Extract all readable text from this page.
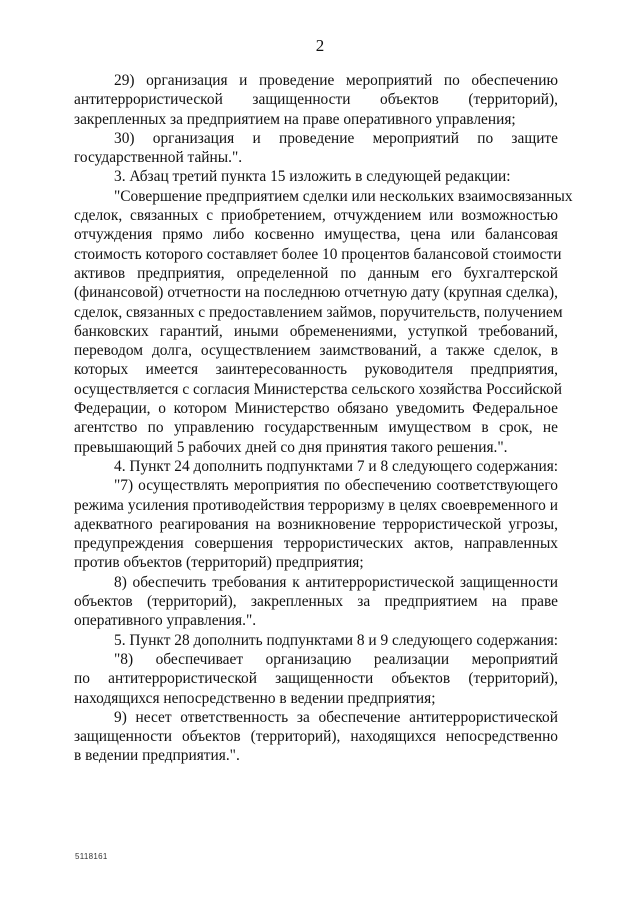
2

29) организация и проведение мероприятий по обеспечению
антитеррористической защищенности объектов (территорий),
закрепленных за предприятием на праве оперативного управления;

30) организация и проведение мероприятий по защите
государственной тайны.".

3. Абзац третий пункта 15 изложить в следующей редакции:

"Совершение предприятием сделки или нескольких взаимосвязанных
сделок, связанных с приобретением, отчуждением или возможностью
отчуждения прямо либо косвенно имущества, цена или балансовая
стоимость которого составляет более 10 процентов балансовой стоимости
активов предприятия, определенной по данным его бухгалтерской
(финансовой) отчетности на последнюю отчетную дату (крупная сделка),
сделок, связанных с предоставлением займов, поручительств, получением
банковских гарантий, иными обременениями, уступкой требований,
переводом долга, осуществлением заимствований, а также сделок, в
которых имеется заинтересованность руководителя предприятия,
осуществляется с согласия Министерства сельского хозяйства Российской
Федерации, о котором Министерство обязано уведомить Федеральное
агентство по управлению государственным имуществом в срок, не
превышающий 5 рабочих дней со дня принятия такого решения.".

4. Пункт 24 дополнить подпунктами 7 и 8 следующего содержания:

"7) осуществлять мероприятия по обеспечению соответствующего
режима усиления противодействия терроризму в целях своевременного и
адекватного реагирования на возникновение террористической угрозы,
предупреждения совершения террористических актов, направленных
против объектов (территорий) предприятия;

8) обеспечить требования к антитеррористической защищенности
объектов (территорий), закрепленных за предприятием на праве
оперативного управления.".

5. Пункт 28 дополнить подпунктами 8 и 9 следующего содержания:

"8) обеспечивает организацию реализации мероприятий
по антитеррористической защищенности объектов (территорий),
находящихся непосредственно в ведении предприятия;

9) несет ответственность за обеспечение антитеррористической
защищенности объектов (территорий), находящихся непосредственно
в ведении предприятия.".

5118161
